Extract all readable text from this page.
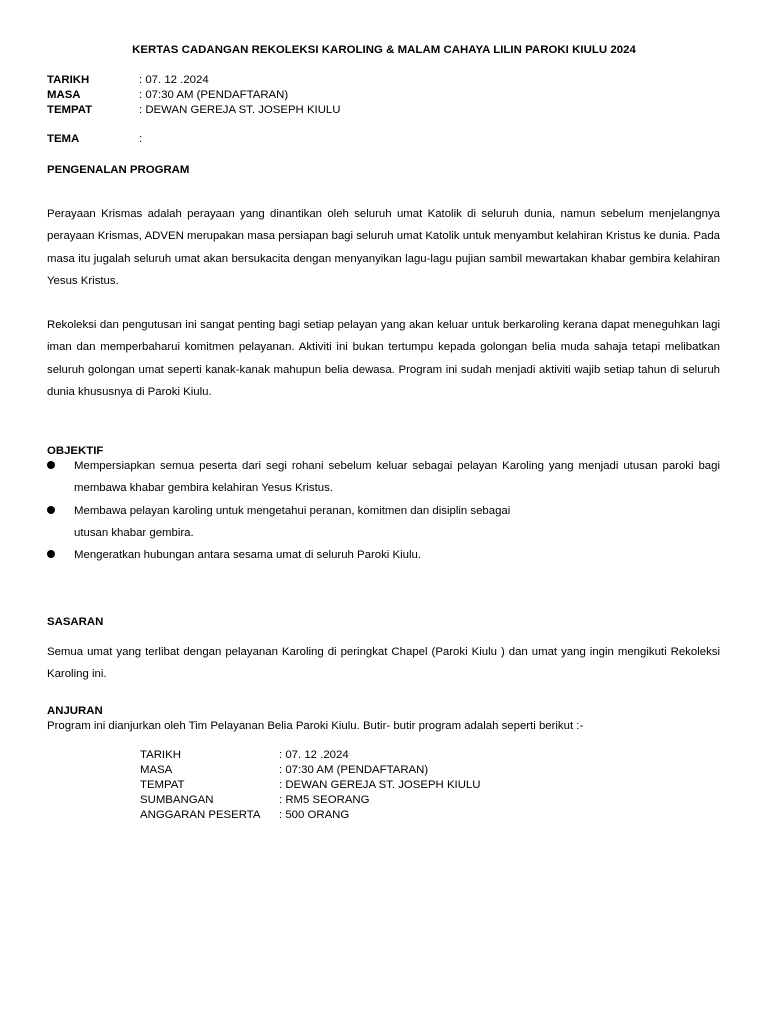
KERTAS CADANGAN REKOLEKSI KAROLING & MALAM CAHAYA LILIN PAROKI KIULU 2024
TARIKH	: 07. 12 .2024
MASA	: 07:30 AM (PENDAFTARAN)
TEMPAT	: DEWAN GEREJA ST. JOSEPH KIULU
TEMA	:
PENGENALAN PROGRAM

Perayaan Krismas adalah perayaan yang dinantikan oleh seluruh umat Katolik di seluruh dunia, namun sebelum menjelangnya perayaan Krismas, ADVEN merupakan masa persiapan bagi seluruh umat Katolik untuk menyambut kelahiran Kristus ke dunia. Pada masa itu jugalah seluruh umat akan bersukacita dengan menyanyikan lagu-lagu pujian sambil mewartakan khabar gembira kelahiran Yesus Kristus.

Rekoleksi dan pengutusan ini sangat penting bagi setiap pelayan yang akan keluar untuk berkaroling kerana dapat meneguhkan lagi iman dan memperbaharui komitmen pelayanan. Aktiviti ini bukan tertumpu kepada golongan belia muda sahaja tetapi melibatkan seluruh golongan umat seperti kanak-kanak mahupun belia dewasa. Program ini sudah menjadi aktiviti wajib setiap tahun di seluruh dunia khususnya di Paroki Kiulu.

OBJEKTIF

Mempersiapkan semua peserta dari segi rohani sebelum keluar sebagai pelayan Karoling yang menjadi utusan paroki bagi membawa khabar gembira kelahiran Yesus Kristus.

Membawa pelayan karoling untuk mengetahui peranan, komitmen dan disiplin sebagai

utusan khabar gembira.

Mengeratkan hubungan antara sesama umat di seluruh Paroki Kiulu.

SASARAN

Semua umat yang terlibat dengan pelayanan Karoling di peringkat Chapel (Paroki Kiulu ) dan umat yang ingin mengikuti Rekoleksi Karoling ini.

ANJURAN

Program ini dianjurkan oleh Tim Pelayanan Belia Paroki Kiulu. Butir- butir program adalah seperti berikut :-

TARIKH	: 07. 12 .2024
MASA	: 07:30 AM (PENDAFTARAN)
TEMPAT	: DEWAN GEREJA ST. JOSEPH KIULU
SUMBANGAN	: RM5 SEORANG
ANGGARAN PESERTA : 500 ORANG
